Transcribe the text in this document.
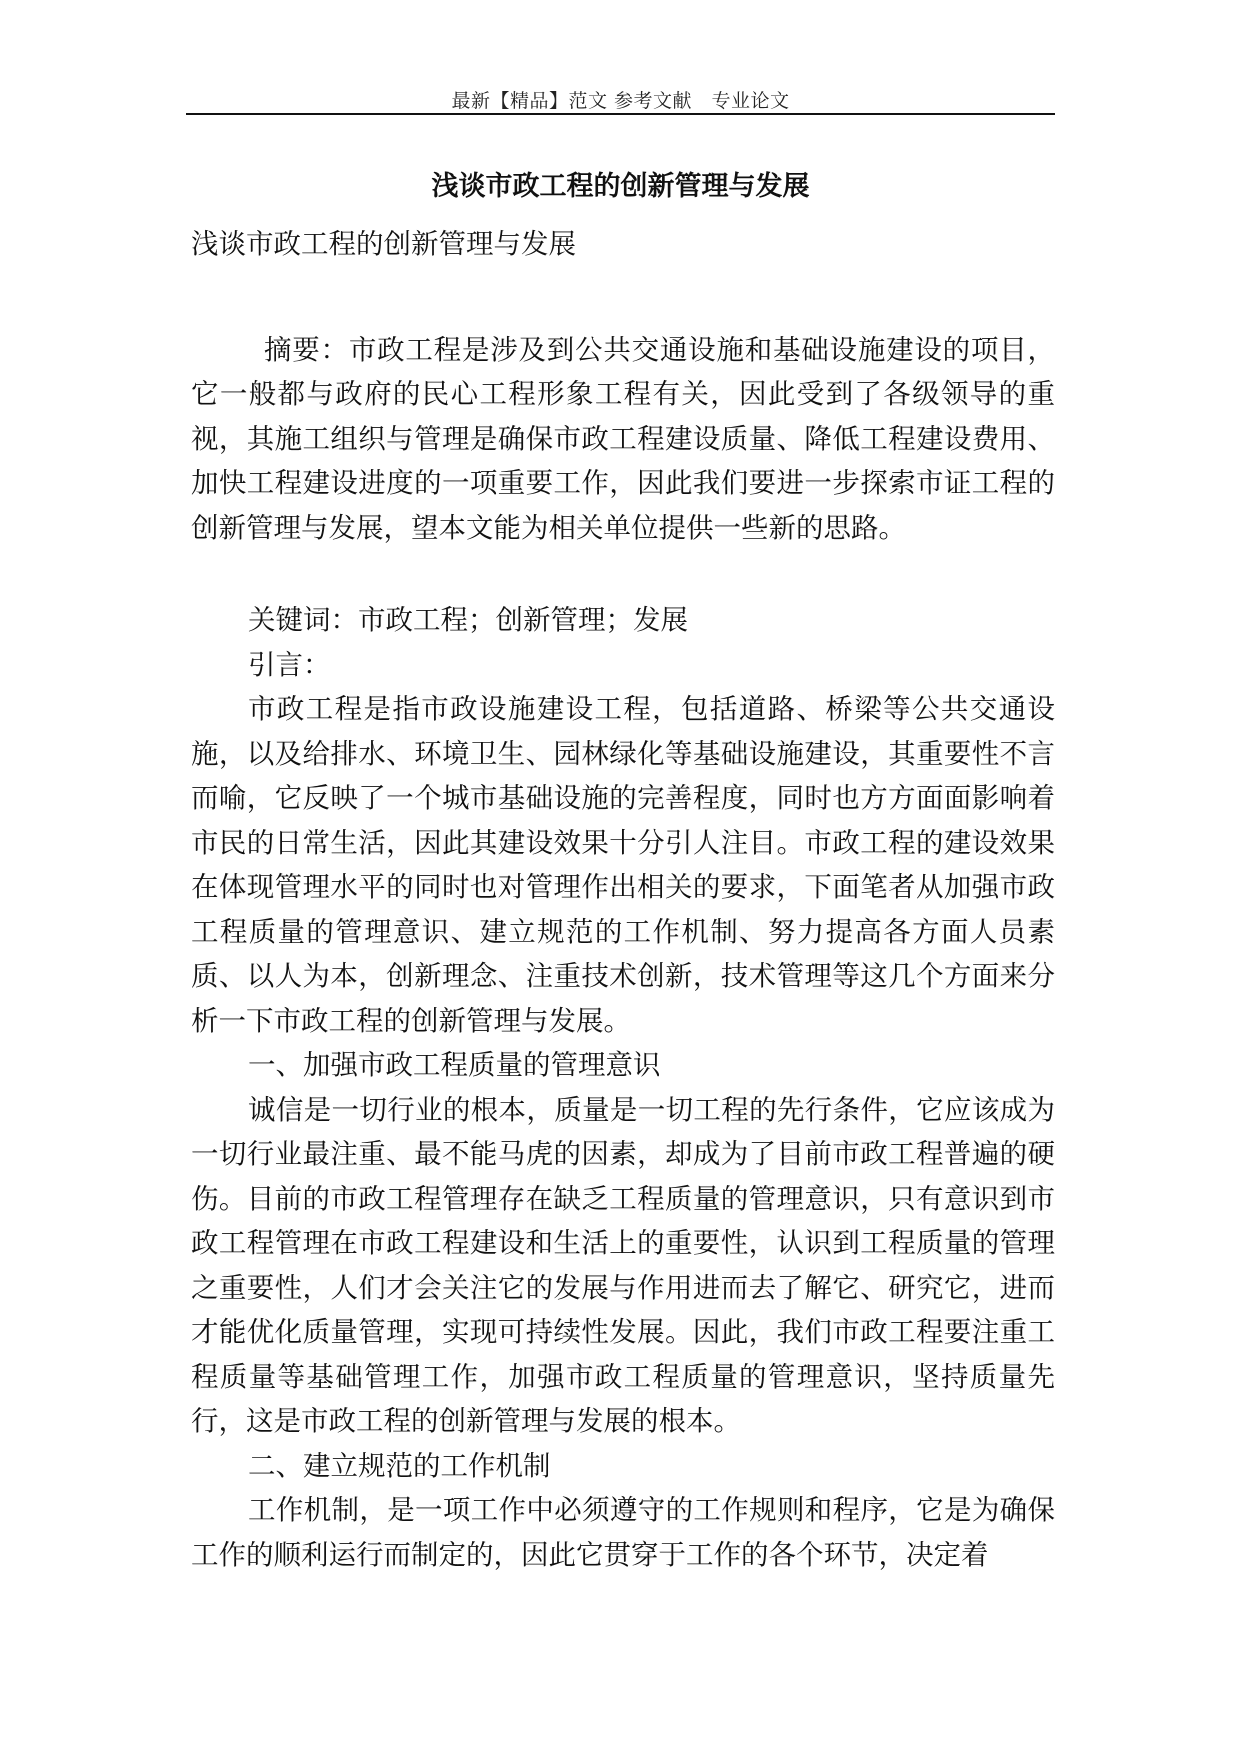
最新【精品】范文 参考文献　专业论文
浅谈市政工程的创新管理与发展

浅谈市政工程的创新管理与发展

摘要：市政工程是涉及到公共交通设施和基础设施建设的项目，它一般都与政府的民心工程形象工程有关，因此受到了各级领导的重视，其施工组织与管理是确保市政工程建设质量、降低工程建设费用、加快工程建设进度的一项重要工作，因此我们要进一步探索市证工程的创新管理与发展，望本文能为相关单位提供一些新的思路。

关键词：市政工程；创新管理；发展

引言：

市政工程是指市政设施建设工程，包括道路、桥梁等公共交通设施，以及给排水、环境卫生、园林绿化等基础设施建设，其重要性不言而喻，它反映了一个城市基础设施的完善程度，同时也方方面面影响着市民的日常生活，因此其建设效果十分引人注目。市政工程的建设效果在体现管理水平的同时也对管理作出相关的要求，下面笔者从加强市政工程质量的管理意识、建立规范的工作机制、努力提高各方面人员素质、以人为本，创新理念、注重技术创新，技术管理等这几个方面来分析一下市政工程的创新管理与发展。

一、加强市政工程质量的管理意识

诚信是一切行业的根本，质量是一切工程的先行条件，它应该成为一切行业最注重、最不能马虎的因素，却成为了目前市政工程普遍的硬伤。目前的市政工程管理存在缺乏工程质量的管理意识，只有意识到市政工程管理在市政工程建设和生活上的重要性，认识到工程质量的管理之重要性，人们才会关注它的发展与作用进而去了解它、研究它，进而才能优化质量管理，实现可持续性发展。因此，我们市政工程要注重工程质量等基础管理工作，加强市政工程质量的管理意识，坚持质量先行，这是市政工程的创新管理与发展的根本。

二、建立规范的工作机制

工作机制，是一项工作中必须遵守的工作规则和程序，它是为确保工作的顺利运行而制定的，因此它贯穿于工作的各个环节，决定着
